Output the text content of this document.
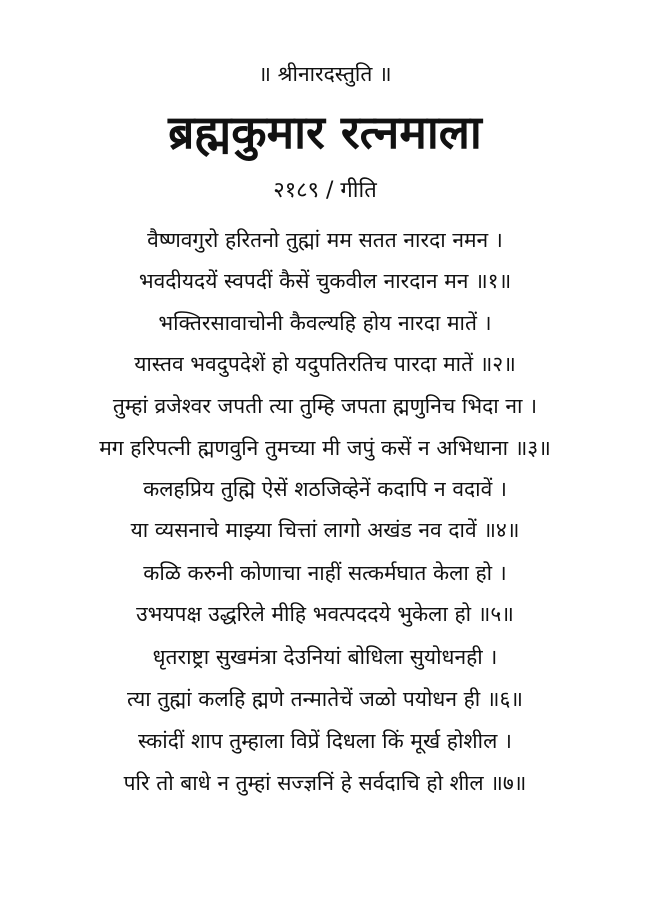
॥ श्रीनारदस्तुति ॥
ब्रह्मकुमार रत्नमाला
२१८९ / गीति
वैष्णवगुरो हरितनो तुह्मां मम सतत नारदा नमन ।
भवदीयदयें स्वपदीं कैसें चुकवील नारदान मन ॥१॥
भक्तिरसावाचोनी कैवल्यहि होय नारदा मातें ।
यास्तव भवदुपदेशें हो यदुपतिरतिच पारदा मातें ॥२॥
तुम्हां व्रजेश्वर जपती त्या तुम्हि जपता ह्मणुनिच भिदा ना ।
मग हरिपत्नी ह्मणवुनि तुमच्या मी जपुं कसें न अभिधाना ॥३॥
कलहप्रिय तुह्मि ऐसें शठजिव्हेनें कदापि न वदावें ।
या व्यसनाचे माझ्या चित्तां लागो अखंड नव दावें ॥४॥
कळि करुनी कोणाचा नाहीं सत्कर्मघात केला हो ।
उभयपक्ष उद्धरिले मीहि भवत्पददये भुकेला हो ॥५॥
धृतराष्ट्रा सुखमंत्रा देउनियां बोधिला सुयोधनही ।
त्या तुह्मां कलहि ह्मणे तन्मातेचें जळो पयोधन ही ॥६॥
स्कांदीं शाप तुम्हाला विप्रें दिधला किं मूर्ख होशील ।
परि तो बाधे न तुम्हां सज्ज्ञनिं हे सर्वदाचि हो शील ॥७॥
